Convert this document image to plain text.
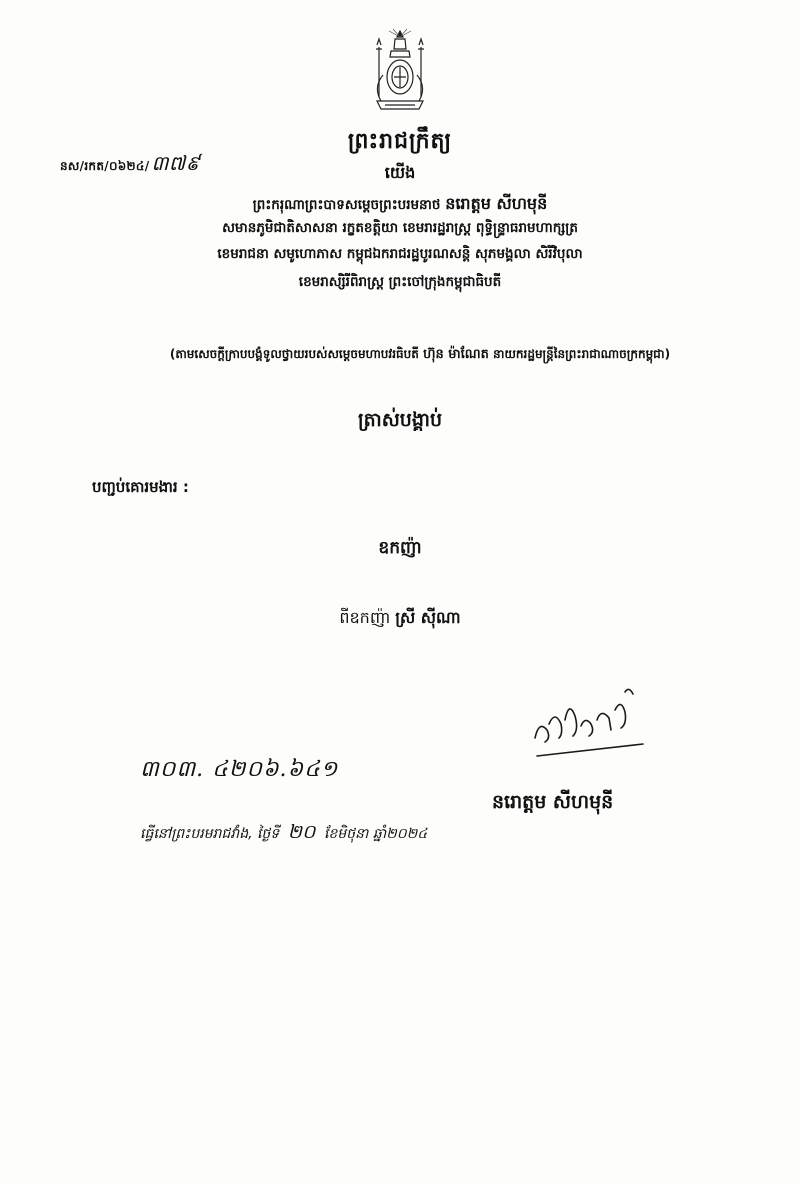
នស/រកត/០៦២៤/ ៣៧៩
ព្រះរាជក្រឹត្យ
យើង
ព្រះករុណាព្រះបាទសម្តេចព្រះបរមនាថ នរោត្តម សីហមុនី
សមានភូមិជាតិសាសនា រក្ខតខត្តិយា ខេមរារដ្ឋរាស្ត្រ ពុទ្ធិន្ទ្រាធរាមហាក្សត្រ
ខេមរាជនា សមូហោភាស កម្ពុជឯករាជរដ្ឋបូរណសន្តិ សុភមង្គលា សិរីវិបុលា
ខេមរាស្សិរីពិរាស្ត្រ ព្រះចៅក្រុងកម្ពុជាធិបតី
(តាមសេចក្តីក្រាបបង្គំទូលថ្វាយរបស់សម្តេចមហាបវរធិបតី ហ៊ុន ម៉ាណែត នាយករដ្ឋមន្ត្រីនៃព្រះរាជាណាចក្រកម្ពុជា)
ត្រាស់បង្គាប់
បញ្ជប់គោរមងារ :
ឧកញ៉ា
ពីឧកញ៉ា ស្រី ស៊ីណា
៣០៣. ៤២០៦.៦៤១
នរោត្តម សីហមុនី
ធ្វើនៅព្រះបរមរាជវាំង, ថ្ងៃទី ២០ ខែមិថុនា ឆ្នាំ២០២៤
